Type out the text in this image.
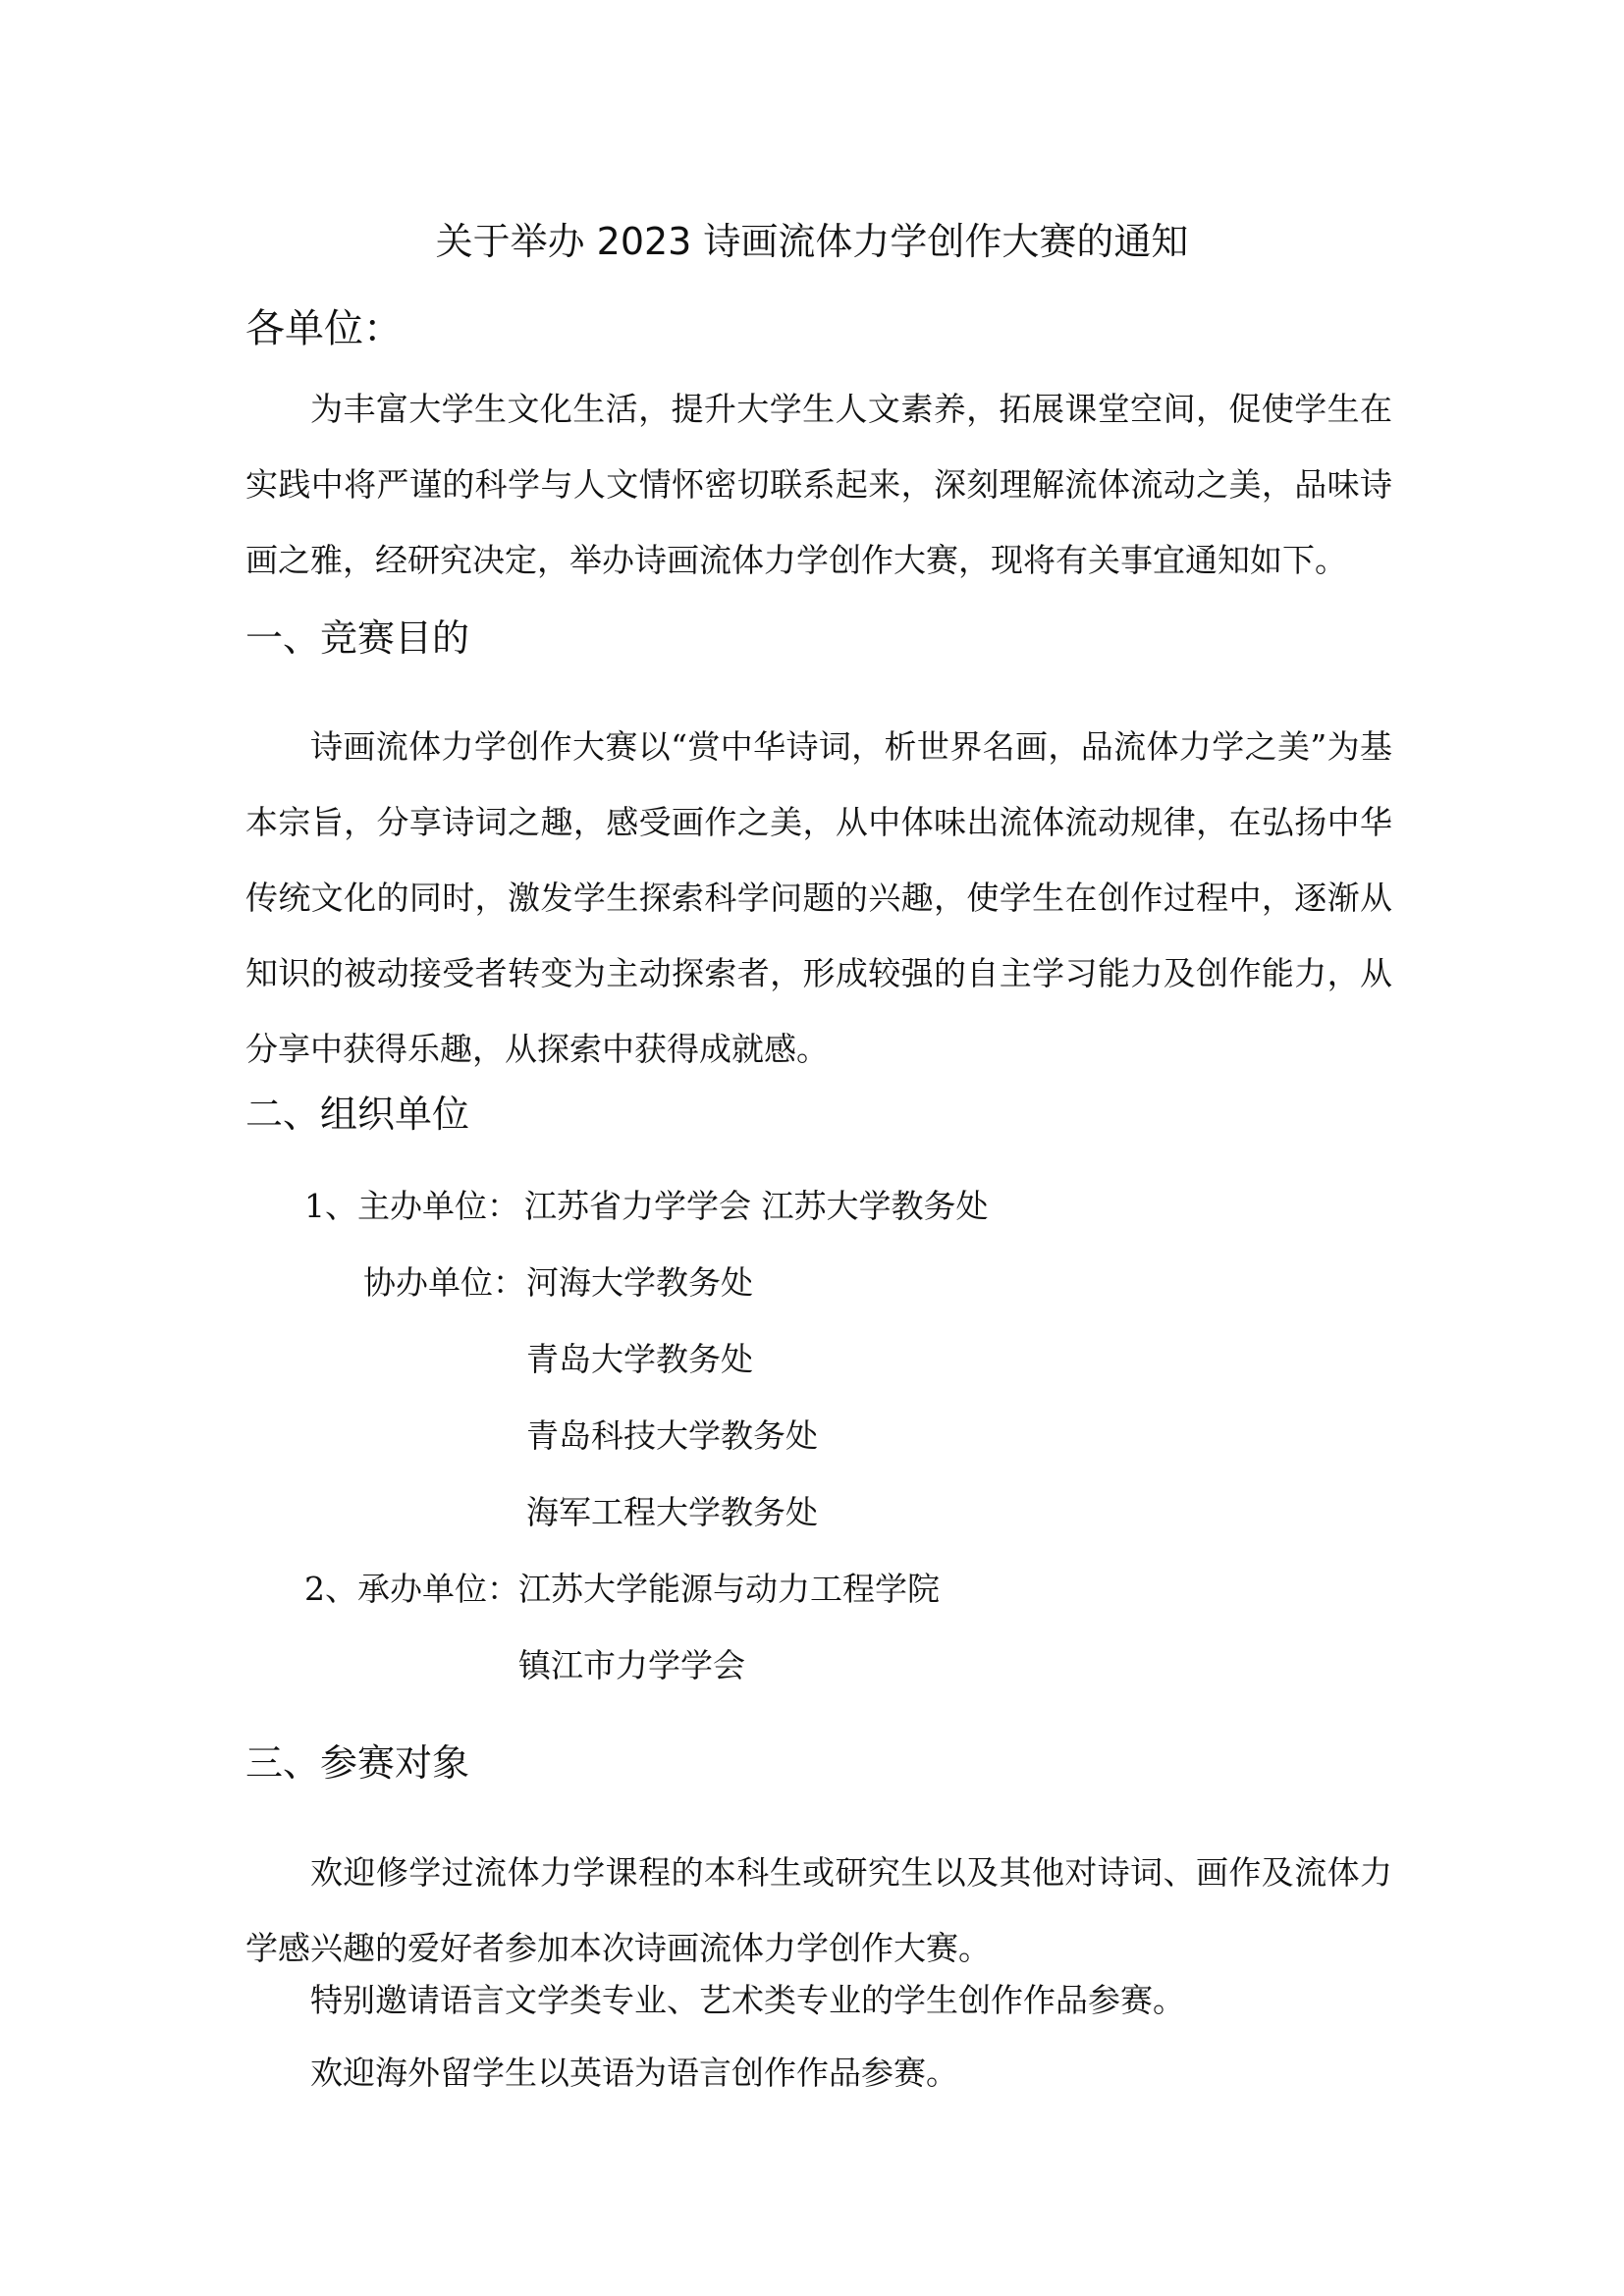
关于举办 2023 诗画流体力学创作大赛的通知
各单位：

为丰富大学生文化生活，提升大学生人文素养，拓展课堂空间，促使学生在实践中将严谨的科学与人文情怀密切联系起来，深刻理解流体流动之美，品味诗画之雅，经研究决定，举办诗画流体力学创作大赛，现将有关事宜通知如下。

一、竞赛目的

诗画流体力学创作大赛以“赏中华诗词，析世界名画，品流体力学之美”为基本宗旨，分享诗词之趣，感受画作之美，从中体味出流体流动规律，在弘扬中华传统文化的同时，激发学生探索科学问题的兴趣，使学生在创作过程中，逐渐从知识的被动接受者转变为主动探索者，形成较强的自主学习能力及创作能力，从分享中获得乐趣，从探索中获得成就感。

二、组织单位
1、主办单位： 江苏省力学学会 江苏大学教务处
协办单位： 河海大学教务处
青岛大学教务处
青岛科技大学教务处
海军工程大学教务处
2、承办单位： 江苏大学能源与动力工程学院
镇江市力学学会
三、参赛对象

欢迎修学过流体力学课程的本科生或研究生以及其他对诗词、画作及流体力学感兴趣的爱好者参加本次诗画流体力学创作大赛。

特别邀请语言文学类专业、艺术类专业的学生创作作品参赛。
欢迎海外留学生以英语为语言创作作品参赛。
